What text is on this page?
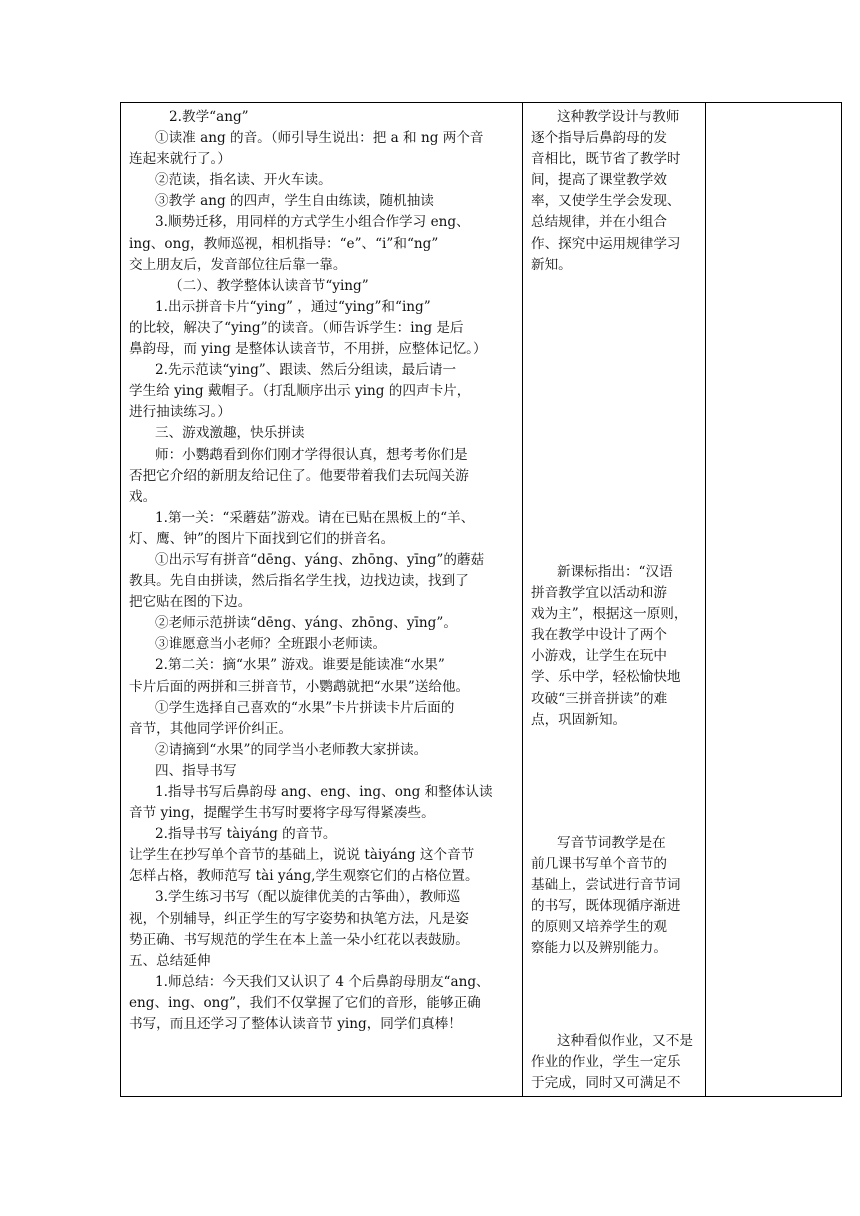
2.教学“ang”

①读准 ang 的音。（师引导生说出：把 a 和 ng 两个音

连起来就行了。）

②范读，指名读、开火车读。

③教学 ang 的四声，学生自由练读，随机抽读

3.顺势迁移，用同样的方式学生小组合作学习 eng、

ing、ong，教师巡视，相机指导：“e”、“i”和“ng”

交上朋友后，发音部位往后靠一靠。

（二）、教学整体认读音节“ying”

1.出示拼音卡片“ying” ，通过“ying”和“ing”

的比较，解决了“ying”的读音。（师告诉学生：ing 是后

鼻韵母，而 ying 是整体认读音节，不用拼，应整体记忆。）

2.先示范读“ying”、跟读、然后分组读，最后请一

学生给 ying 戴帽子。（打乱顺序出示 ying 的四声卡片，

进行抽读练习。）

三、游戏激趣，快乐拼读

师：小鹦鹉看到你们刚才学得很认真，想考考你们是

否把它介绍的新朋友给记住了。他要带着我们去玩闯关游

戏。

1.第一关：“采蘑菇”游戏。请在已贴在黑板上的“羊、

灯、鹰、钟”的图片下面找到它们的拼音名。

①出示写有拼音“dēng、yáng、zhōng、yīng”的蘑菇

教具。先自由拼读，然后指名学生找，边找边读，找到了

把它贴在图的下边。

②老师示范拼读“dēng、yáng、zhōng、yīng”。

③谁愿意当小老师？全班跟小老师读。

2.第二关：摘“水果” 游戏。谁要是能读准“水果”

卡片后面的两拼和三拼音节，小鹦鹉就把“水果”送给他。

①学生选择自己喜欢的“水果”卡片拼读卡片后面的

音节，其他同学评价纠正。

②请摘到“水果”的同学当小老师教大家拼读。

四、指导书写

1.指导书写后鼻韵母 ang、eng、ing、ong 和整体认读

音节 ying，提醒学生书写时要将字母写得紧凑些。

2.指导书写 tàiyáng 的音节。

让学生在抄写单个音节的基础上，说说 tàiyáng 这个音节

怎样占格，教师范写 tài yáng,学生观察它们的占格位置。

3.学生练习书写（配以旋律优美的古筝曲），教师巡

视，个别辅导，纠正学生的写字姿势和执笔方法，凡是姿

势正确、书写规范的学生在本上盖一朵小红花以表鼓励。

五、总结延伸

1.师总结：今天我们又认识了 4 个后鼻韵母朋友“ang、

eng、ing、ong”，我们不仅掌握了它们的音形，能够正确

书写，而且还学习了整体认读音节 ying，同学们真棒！

这种教学设计与教师

逐个指导后鼻韵母的发

音相比，既节省了教学时

间，提高了课堂教学效

率，又使学生学会发现、

总结规律，并在小组合

作、探究中运用规律学习

新知。

新课标指出：“汉语

拼音教学宜以活动和游

戏为主”，根据这一原则，

我在教学中设计了两个

小游戏，让学生在玩中

学、乐中学，轻松愉快地

攻破“三拼音拼读”的难

点，巩固新知。

写音节词教学是在

前几课书写单个音节的

基础上，尝试进行音节词

的书写，既体现循序渐进

的原则又培养学生的观

察能力以及辨别能力。

这种看似作业，又不是

作业的作业，学生一定乐

于完成，同时又可满足不
